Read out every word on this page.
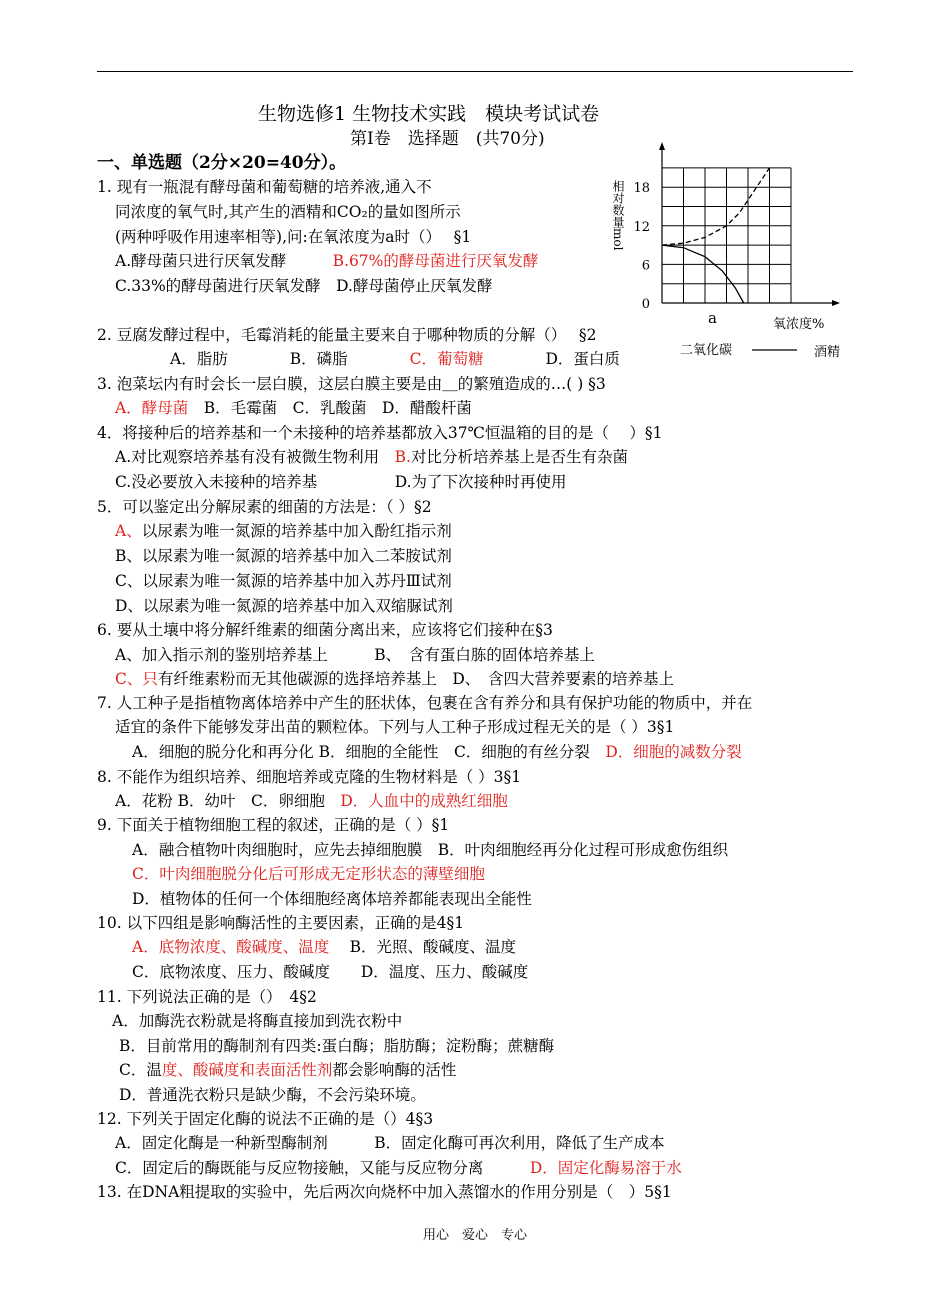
生物选修1 生物技术实践　模块考试试卷
第Ⅰ卷　选择题　(共70分)
一、单选题（2分×20=40分）。
0
6
12
18
相对数量mol
氧浓度%
a
二氧化碳	酒精
1. 现有一瓶混有酵母菌和葡萄糖的培养液,通入不
同浓度的氧气时,其产生的酒精和CO₂的量如图所示
(两种呼吸作用速率相等),问:在氧浓度为a时（）　 §1
A.酵母菌只进行厌氧发酵　　　B.67%的酵母菌进行厌氧发酵
C.33%的酵母菌进行厌氧发酵　D.酵母菌停止厌氧发酵
2. 豆腐发酵过程中，毛霉消耗的能量主要来自于哪种物质的分解（）　 §2
A．脂肪　　　　B．磷脂　　　　C．葡萄糖　　　　D．蛋白质
3. 泡菜坛内有时会长一层白膜，这层白膜主要是由＿的繁殖造成的…( ) §3
A．酵母菌　B．毛霉菌　C．乳酸菌　D．醋酸杆菌
4．将接种后的培养基和一个未接种的培养基都放入37℃恒温箱的目的是（　 ）§1
A.对比观察培养基有没有被微生物利用　B.对比分析培养基上是否生有杂菌
C.没必要放入未接种的培养基　　　　　D.为了下次接种时再使用
5．可以鉴定出分解尿素的细菌的方法是：（ ）§2
A、以尿素为唯一氮源的培养基中加入酚红指示剂
B、以尿素为唯一氮源的培养基中加入二苯胺试剂
C、以尿素为唯一氮源的培养基中加入苏丹Ⅲ试剂
D、以尿素为唯一氮源的培养基中加入双缩脲试剂
6. 要从土壤中将分解纤维素的细菌分离出来，应该将它们接种在§3
A、加入指示剂的鉴别培养基上　　　B、　含有蛋白胨的固体培养基上
C、只有纤维素粉而无其他碳源的选择培养基上　D、　含四大营养要素的培养基上
7. 人工种子是指植物离体培养中产生的胚状体，包裹在含有养分和具有保护功能的物质中，并在
适宜的条件下能够发芽出苗的颗粒体。下列与人工种子形成过程无关的是（ ）3§1
A．细胞的脱分化和再分化 B．细胞的全能性　C．细胞的有丝分裂　D．细胞的减数分裂
8. 不能作为组织培养、细胞培养或克隆的生物材料是（ ）3§1
A．花粉 B．幼叶　C．卵细胞　D．人血中的成熟红细胞
9. 下面关于植物细胞工程的叙述，正确的是（ ）§1
A．融合植物叶肉细胞时，应先去掉细胞膜　B．叶肉细胞经再分化过程可形成愈伤组织
C．叶肉细胞脱分化后可形成无定形状态的薄壁细胞
D．植物体的任何一个体细胞经离体培养都能表现出全能性
10. 以下四组是影响酶活性的主要因素，正确的是4§1
A．底物浓度、酸碱度、温度　 B．光照、酸碱度、温度
C．底物浓度、压力、酸碱度　　D．温度、压力、酸碱度
11. 下列说法正确的是（）　4§2
A．加酶洗衣粉就是将酶直接加到洗衣粉中
B．目前常用的酶制剂有四类:蛋白酶；脂肪酶；淀粉酶；蔗糖酶
C．温度、酸碱度和表面活性剂都会影响酶的活性
D．普通洗衣粉只是缺少酶，不会污染环境。
12. 下列关于固定化酶的说法不正确的是（）4§3
A．固定化酶是一种新型酶制剂　　　B．固定化酶可再次利用，降低了生产成本
C．固定后的酶既能与反应物接触，又能与反应物分离　　　D．固定化酶易溶于水
13. 在DNA粗提取的实验中，先后两次向烧杯中加入蒸馏水的作用分别是（　）5§1
用心　爱心　专心
